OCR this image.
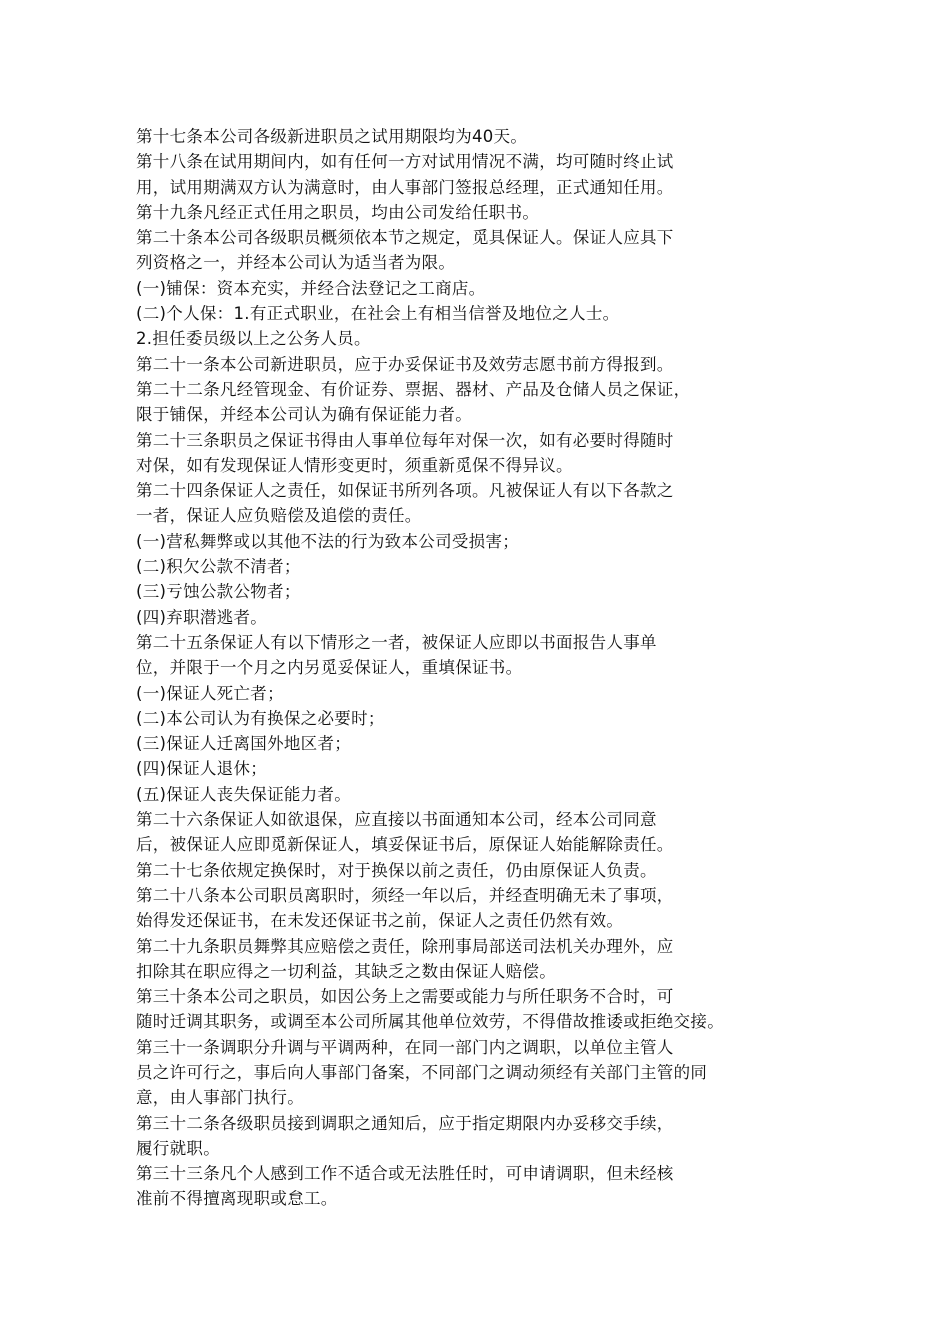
第十七条本公司各级新进职员之试用期限均为40天。
第十八条在试用期间内，如有任何一方对试用情况不满，均可随时终止试
用，试用期满双方认为满意时，由人事部门签报总经理，正式通知任用。
第十九条凡经正式任用之职员，均由公司发给任职书。
第二十条本公司各级职员概须依本节之规定，觅具保证人。保证人应具下
列资格之一，并经本公司认为适当者为限。
(一)铺保：资本充实，并经合法登记之工商店。
(二)个人保：1.有正式职业，在社会上有相当信誉及地位之人士。
2.担任委员级以上之公务人员。
第二十一条本公司新进职员，应于办妥保证书及效劳志愿书前方得报到。
第二十二条凡经管现金、有价证券、票据、器材、产品及仓储人员之保证，
限于铺保，并经本公司认为确有保证能力者。
第二十三条职员之保证书得由人事单位每年对保一次，如有必要时得随时
对保，如有发现保证人情形变更时，须重新觅保不得异议。
第二十四条保证人之责任，如保证书所列各项。凡被保证人有以下各款之
一者，保证人应负赔偿及追偿的责任。
(一)营私舞弊或以其他不法的行为致本公司受损害；
(二)积欠公款不清者；
(三)亏蚀公款公物者；
(四)弃职潜逃者。
第二十五条保证人有以下情形之一者，被保证人应即以书面报告人事单
位，并限于一个月之内另觅妥保证人，重填保证书。
(一)保证人死亡者；
(二)本公司认为有换保之必要时；
(三)保证人迁离国外地区者；
(四)保证人退休；
(五)保证人丧失保证能力者。
第二十六条保证人如欲退保，应直接以书面通知本公司，经本公司同意
后，被保证人应即觅新保证人，填妥保证书后，原保证人始能解除责任。
第二十七条依规定换保时，对于换保以前之责任，仍由原保证人负责。
第二十八条本公司职员离职时，须经一年以后，并经查明确无未了事项，
始得发还保证书，在未发还保证书之前，保证人之责任仍然有效。
第二十九条职员舞弊其应赔偿之责任，除刑事局部送司法机关办理外，应
扣除其在职应得之一切利益，其缺乏之数由保证人赔偿。
第三十条本公司之职员，如因公务上之需要或能力与所任职务不合时，可
随时迁调其职务，或调至本公司所属其他单位效劳，不得借故推诿或拒绝交接。
第三十一条调职分升调与平调两种，在同一部门内之调职，以单位主管人
员之许可行之，事后向人事部门备案，不同部门之调动须经有关部门主管的同
意，由人事部门执行。
第三十二条各级职员接到调职之通知后，应于指定期限内办妥移交手续，
履行就职。
第三十三条凡个人感到工作不适合或无法胜任时，可申请调职，但未经核
准前不得擅离现职或怠工。
